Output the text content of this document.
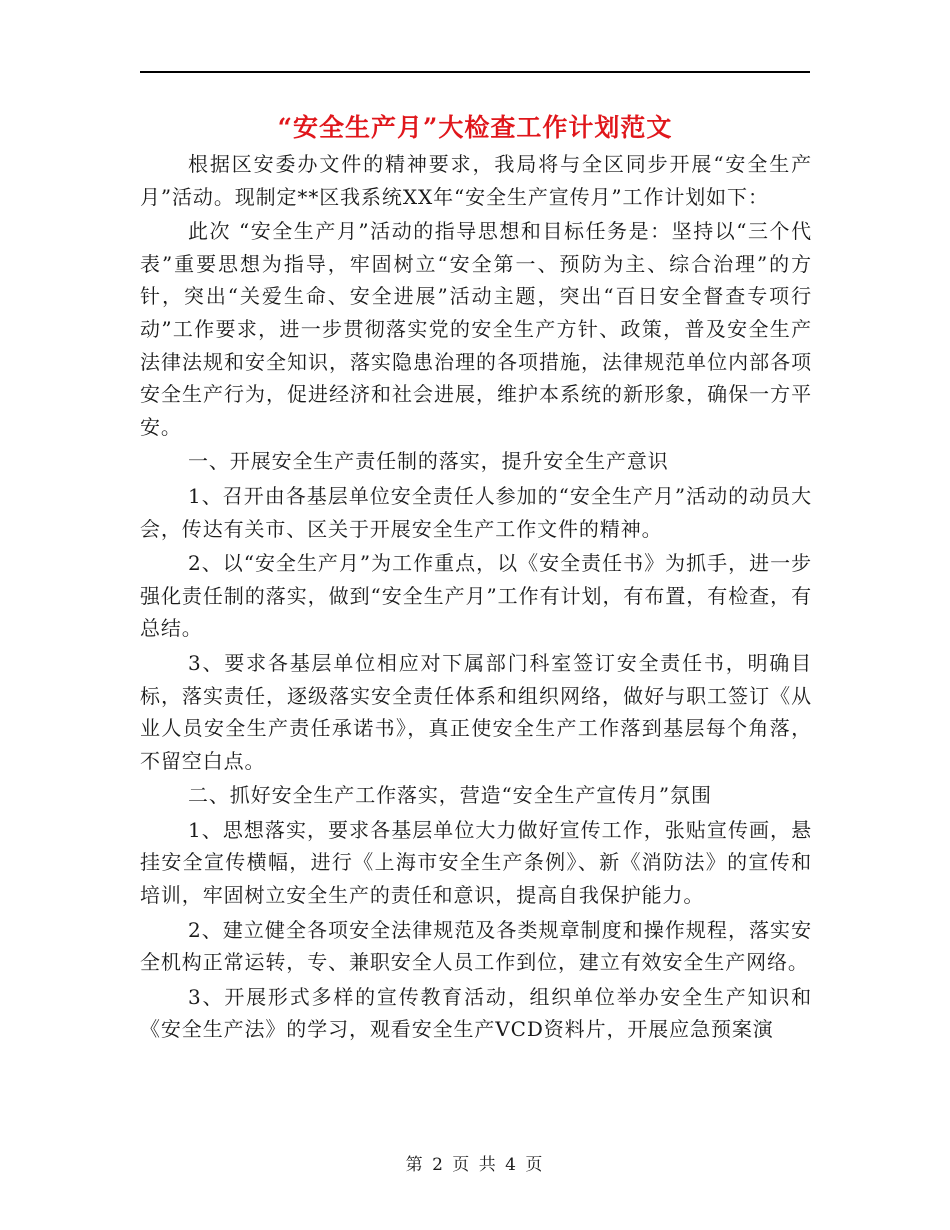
“安全生产月”大检查工作计划范文

根据区安委办文件的精神要求，我局将与全区同步开展“安全生产月”活动。现制定**区我系统XX年“安全生产宣传月”工作计划如下：

此次 “安全生产月”活动的指导思想和目标任务是：坚持以“三个代表”重要思想为指导，牢固树立“安全第一、预防为主、综合治理”的方针，突出“关爱生命、安全进展”活动主题，突出“百日安全督查专项行动”工作要求，进一步贯彻落实党的安全生产方针、政策，普及安全生产法律法规和安全知识，落实隐患治理的各项措施，法律规范单位内部各项安全生产行为，促进经济和社会进展，维护本系统的新形象，确保一方平安。

一、开展安全生产责任制的落实，提升安全生产意识

1、召开由各基层单位安全责任人参加的“安全生产月”活动的动员大会，传达有关市、区关于开展安全生产工作文件的精神。

2、以“安全生产月”为工作重点，以《安全责任书》为抓手，进一步强化责任制的落实，做到“安全生产月”工作有计划，有布置，有检查，有总结。

3、要求各基层单位相应对下属部门科室签订安全责任书，明确目标，落实责任，逐级落实安全责任体系和组织网络，做好与职工签订《从业人员安全生产责任承诺书》，真正使安全生产工作落到基层每个角落，不留空白点。

二、抓好安全生产工作落实，营造“安全生产宣传月”氛围

1、思想落实，要求各基层单位大力做好宣传工作，张贴宣传画，悬挂安全宣传横幅，进行《上海市安全生产条例》、新《消防法》的宣传和培训，牢固树立安全生产的责任和意识，提高自我保护能力。

2、建立健全各项安全法律规范及各类规章制度和操作规程，落实安全机构正常运转，专、兼职安全人员工作到位，建立有效安全生产网络。

3、开展形式多样的宣传教育活动，组织单位举办安全生产知识和《安全生产法》的学习，观看安全生产VCD资料片，开展应急预案演

第 2 页 共 4 页
